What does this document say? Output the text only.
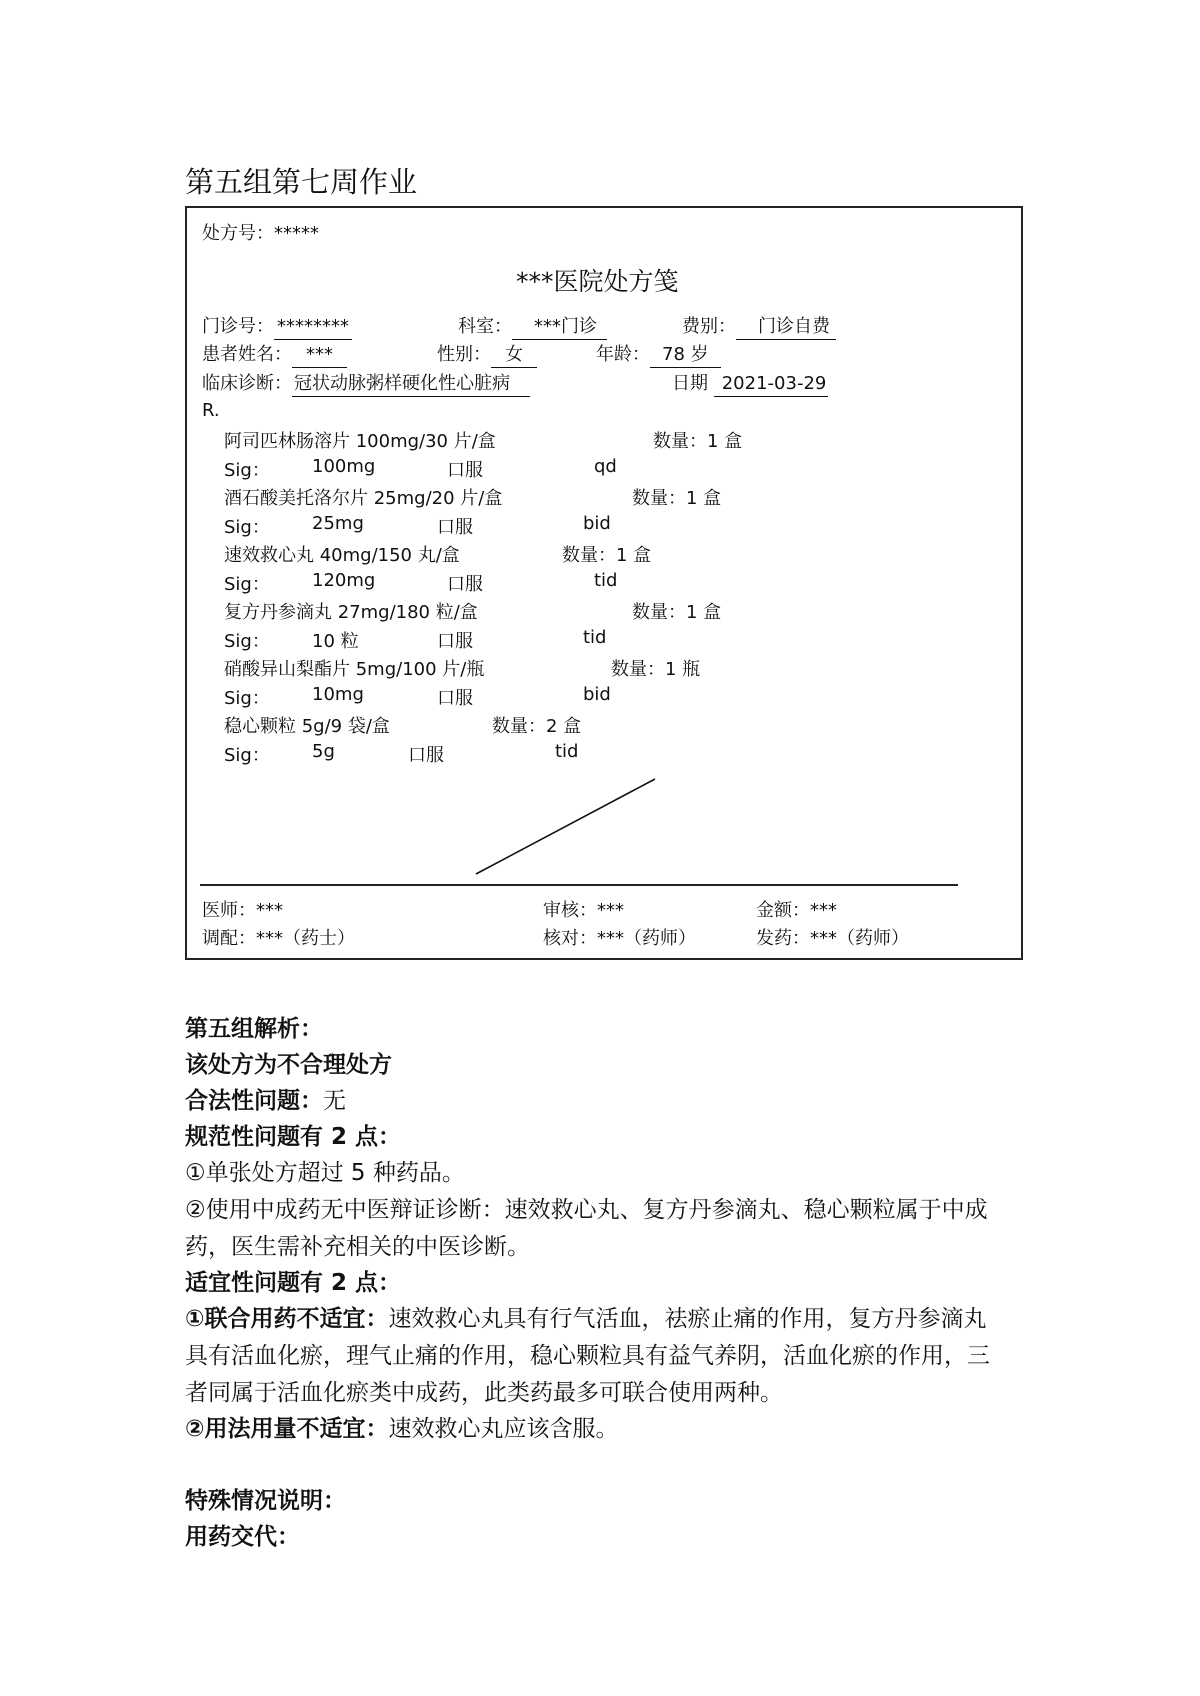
第五组第七周作业
处方号：*****
***医院处方笺
门诊号： ********	科室： ***门诊	费别： 门诊自费
患者姓名： ***	性别： 女	年龄： 78 岁
临床诊断： 冠状动脉粥样硬化性心脏病	日期 2021-03-29
R.
阿司匹林肠溶片 100mg/30 片/盒	数量：1 盒
Sig： 100mg	口服	qd
酒石酸美托洛尔片 25mg/20 片/盒	数量：1 盒
Sig： 25mg	口服	bid
速效救心丸 40mg/150 丸/盒	数量：1 盒
Sig： 120mg	口服	tid
复方丹参滴丸 27mg/180 粒/盒	数量：1 盒
Sig： 10 粒	口服	tid
硝酸异山梨酯片 5mg/100 片/瓶	数量：1 瓶
Sig： 10mg	口服	bid
稳心颗粒 5g/9 袋/盒	数量：2 盒
Sig： 5g	口服	tid
医师：***	审核：***	金额：***
调配：***（药士）	核对：***（药师）	发药：***（药师）
第五组解析：
该处方为不合理处方
合法性问题：无
规范性问题有 2 点：
①单张处方超过 5 种药品。
②使用中成药无中医辩证诊断：速效救心丸、复方丹参滴丸、稳心颗粒属于中成
药，医生需补充相关的中医诊断。
适宜性问题有 2 点：
①联合用药不适宜：速效救心丸具有行气活血，祛瘀止痛的作用，复方丹参滴丸
具有活血化瘀，理气止痛的作用，稳心颗粒具有益气养阴，活血化瘀的作用，三
者同属于活血化瘀类中成药，此类药最多可联合使用两种。
②用法用量不适宜：速效救心丸应该含服。
特殊情况说明：
用药交代：
